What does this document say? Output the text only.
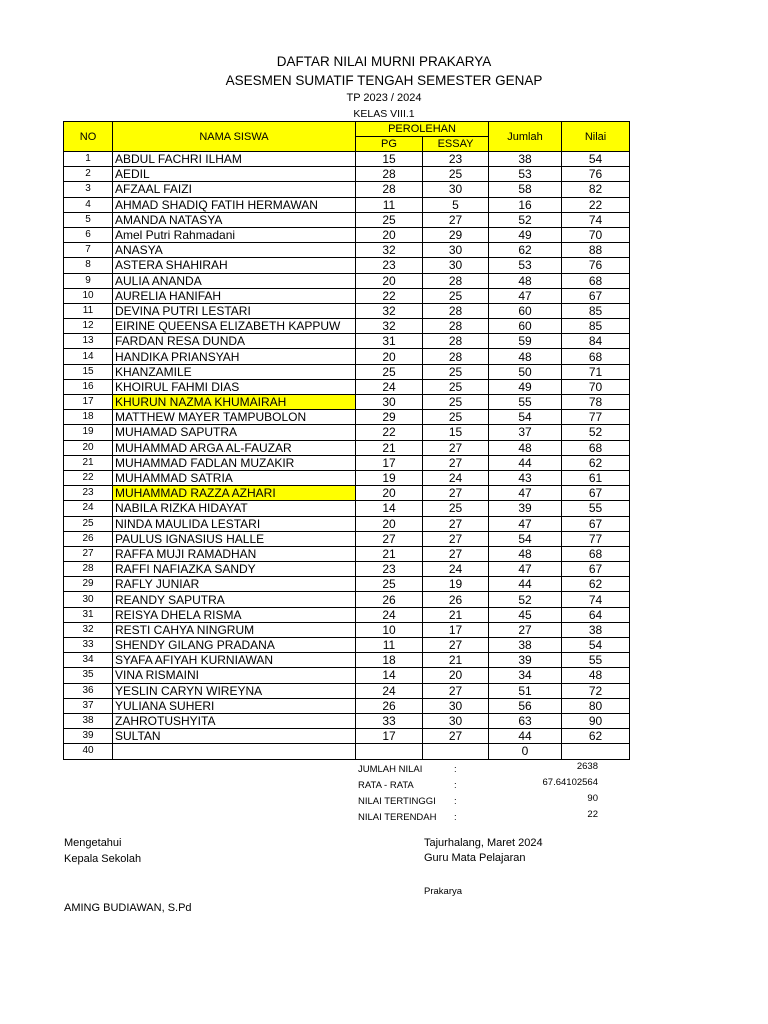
DAFTAR NILAI MURNI PRAKARYA
ASESMEN SUMATIF TENGAH SEMESTER GENAP
TP 2023 / 2024
KELAS VIII.1
NO	NAMA SISWA	PEROLEHAN		Jumlah	Nilai
		PG	ESSAY		
1	ABDUL FACHRI ILHAM	15	23	38	54
2	AEDIL	28	25	53	76
3	AFZAAL FAIZI	28	30	58	82
4	AHMAD SHADIQ FATIH HERMAWAN	11	5	16	22
5	AMANDA NATASYA	25	27	52	74
6	Amel Putri Rahmadani	20	29	49	70
7	ANASYA	32	30	62	88
8	ASTERA SHAHIRAH	23	30	53	76
9	AULIA ANANDA	20	28	48	68
10	AURELIA HANIFAH	22	25	47	67
11	DEVINA PUTRI LESTARI	32	28	60	85
12	EIRINE QUEENSA ELIZABETH KAPPUW	32	28	60	85
13	FARDAN RESA DUNDA	31	28	59	84
14	HANDIKA PRIANSYAH	20	28	48	68
15	KHANZAMILE	25	25	50	71
16	KHOIRUL FAHMI DIAS	24	25	49	70
17	KHURUN NAZMA KHUMAIRAH	30	25	55	78
18	MATTHEW MAYER TAMPUBOLON	29	25	54	77
19	MUHAMAD SAPUTRA	22	15	37	52
20	MUHAMMAD ARGA AL-FAUZAR	21	27	48	68
21	MUHAMMAD FADLAN MUZAKIR	17	27	44	62
22	MUHAMMAD SATRIA	19	24	43	61
23	MUHAMMAD RAZZA AZHARI	20	27	47	67
24	NABILA RIZKA HIDAYAT	14	25	39	55
25	NINDA MAULIDA LESTARI	20	27	47	67
26	PAULUS IGNASIUS HALLE	27	27	54	77
27	RAFFA MUJI RAMADHAN	21	27	48	68
28	RAFFI NAFIAZKA SANDY	23	24	47	67
29	RAFLY JUNIAR	25	19	44	62
30	REANDY SAPUTRA	26	26	52	74
31	REISYA DHELA RISMA	24	21	45	64
32	RESTI CAHYA NINGRUM	10	17	27	38
33	SHENDY GILANG PRADANA	11	27	38	54
34	SYAFA AFIYAH KURNIAWAN	18	21	39	55
35	VINA RISMAINI	14	20	34	48
36	YESLIN CARYN WIREYNA	24	27	51	72
37	YULIANA SUHERI	26	30	56	80
38	ZAHROTUSHYITA	33	30	63	90
39	SULTAN	17	27	44	62
40				0	
JUMLAH NILAI	:	2638
RATA - RATA	:	67.64102564
NILAI TERTINGGI :	90
NILAI TERENDAH :	22
Mengetahui
Kepala Sekolah
AMING BUDIAWAN, S.Pd
Tajurhalang, Maret 2024
Guru Mata Pelajaran
Prakarya
